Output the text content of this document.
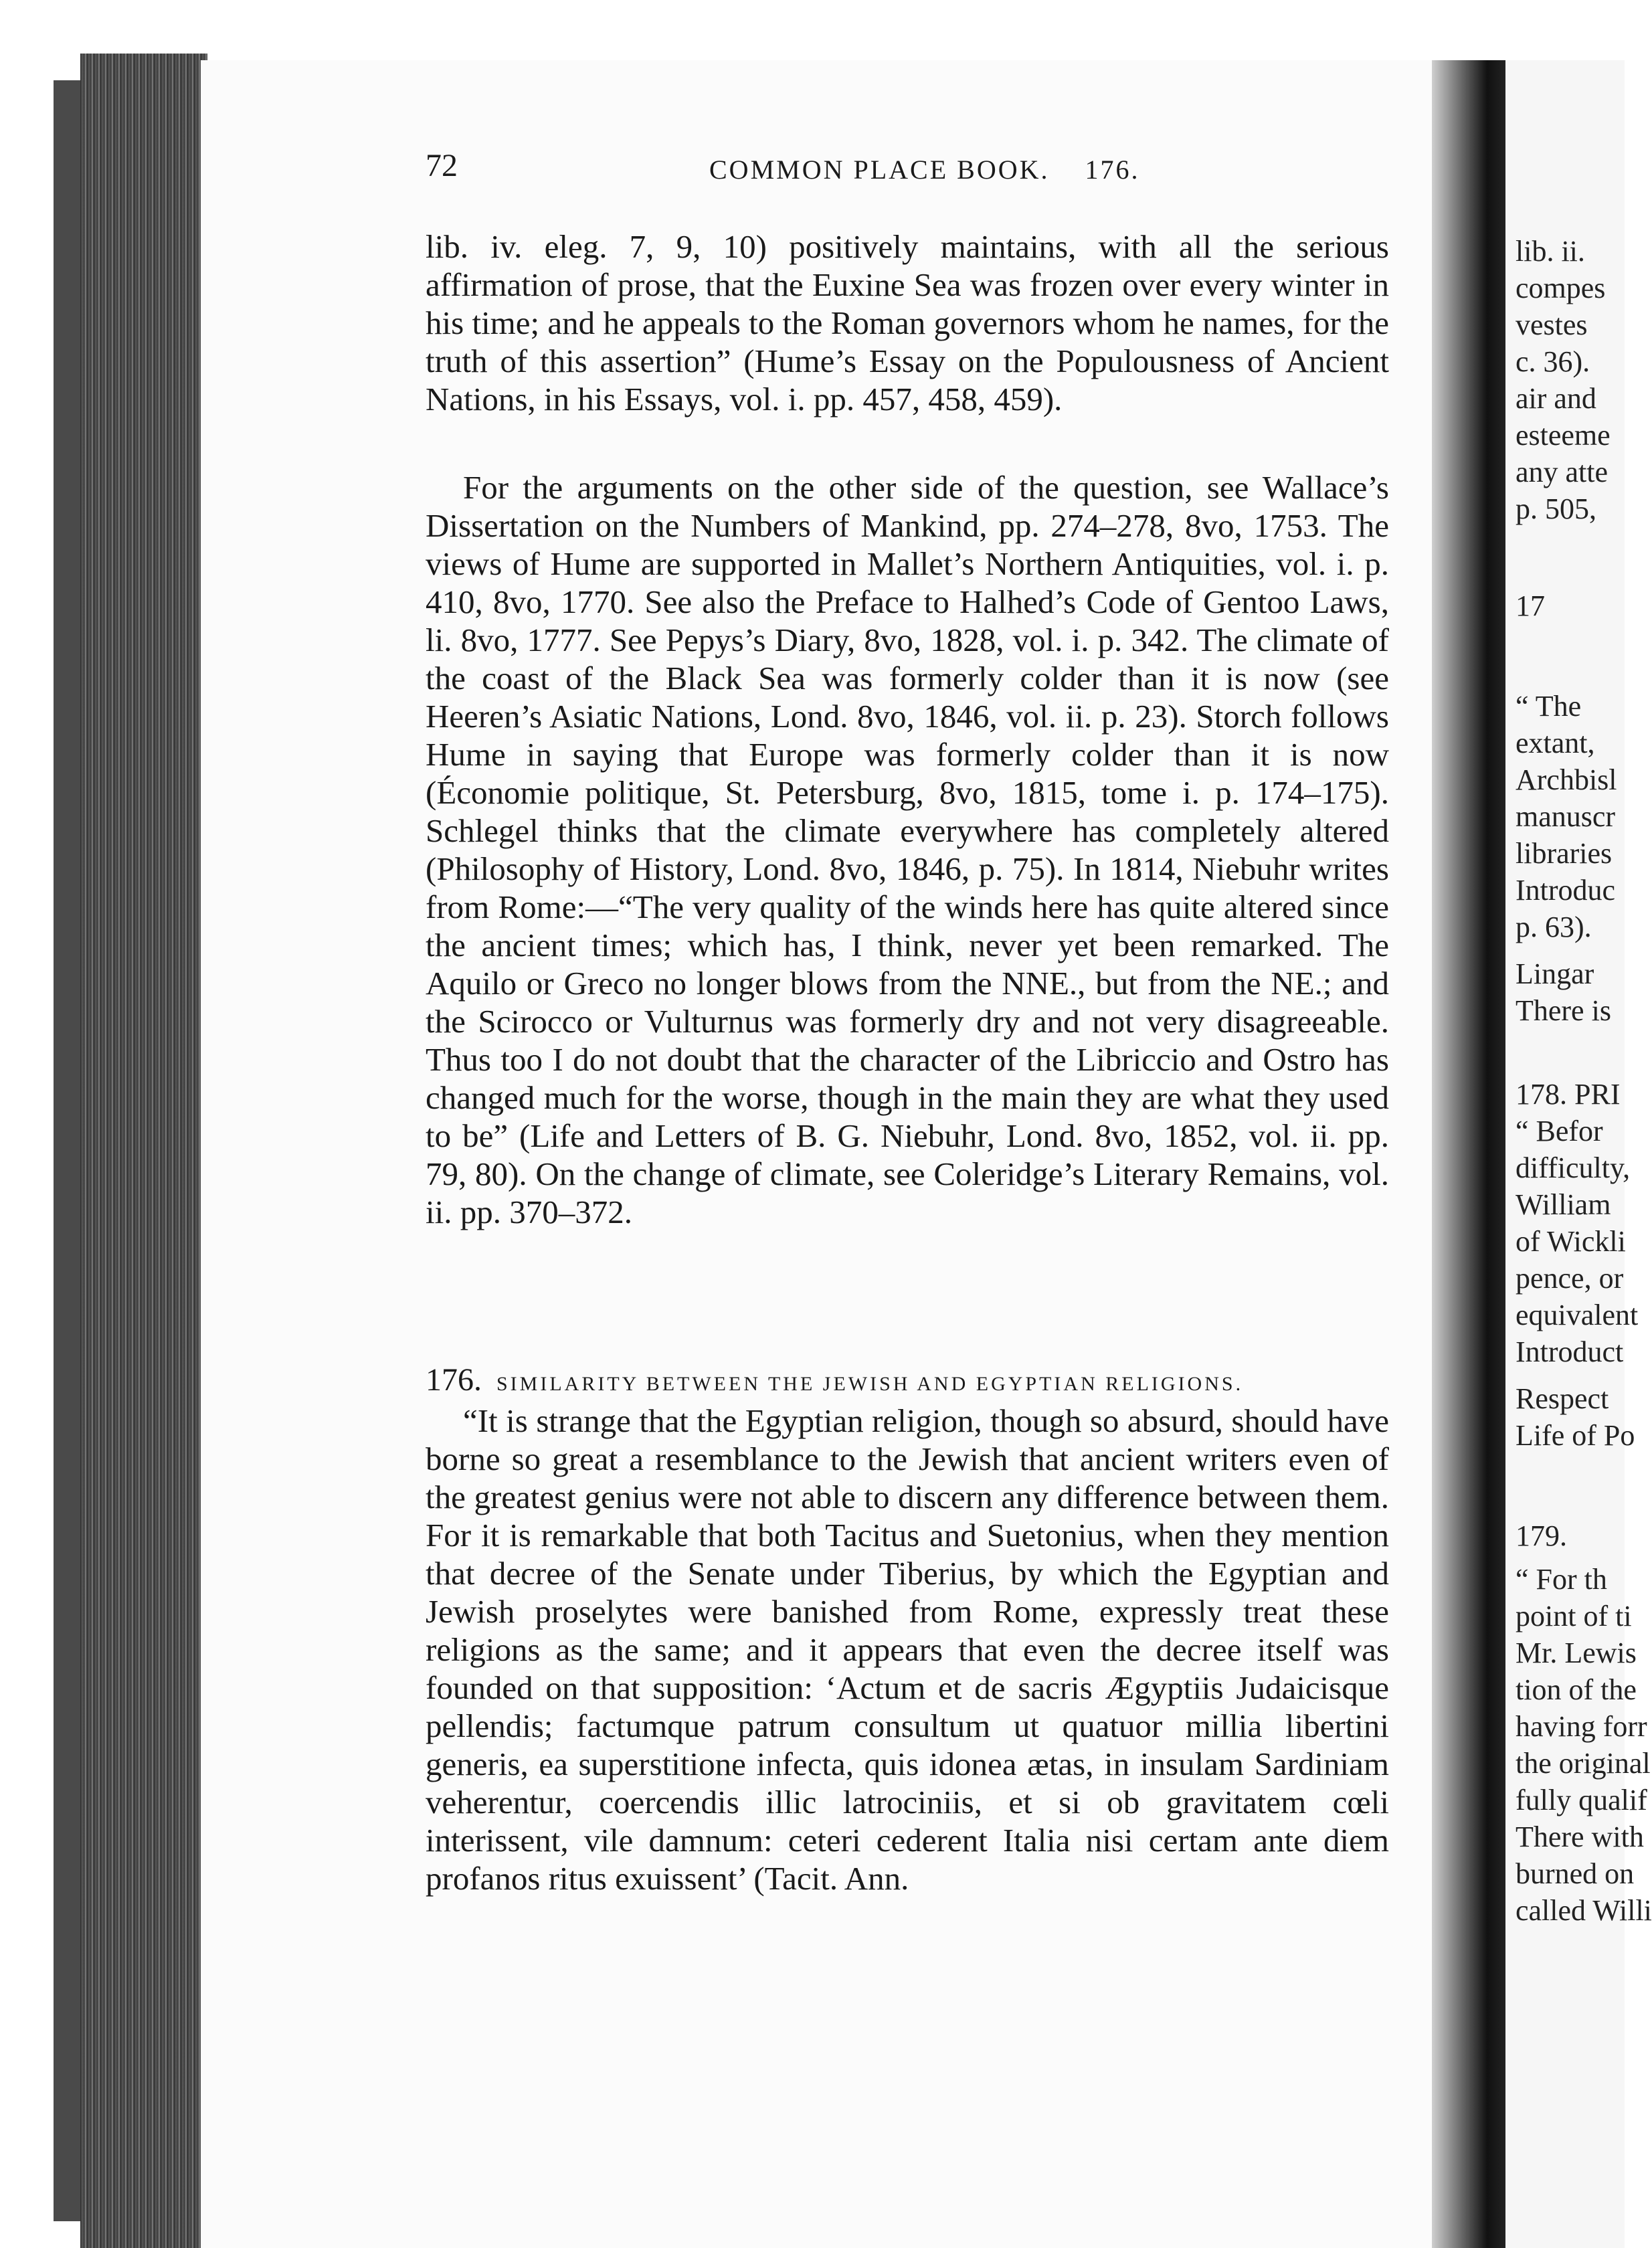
72	COMMON PLACE BOOK. 176.
lib. iv. eleg. 7, 9, 10) positively maintains, with all the serious affirmation of prose, that the Euxine Sea was frozen over every winter in his time; and he appeals to the Roman governors whom he names, for the truth of this assertion” (Hume’s Essay on the Populousness of Ancient Nations, in his Essays, vol. i. pp. 457, 458, 459).
For the arguments on the other side of the question, see Wallace’s Dissertation on the Numbers of Mankind, pp. 274–278, 8vo, 1753. The views of Hume are supported in Mallet’s Northern Antiquities, vol. i. p. 410, 8vo, 1770. See also the Preface to Halhed’s Code of Gentoo Laws, li. 8vo, 1777. See Pepys’s Diary, 8vo, 1828, vol. i. p. 342. The climate of the coast of the Black Sea was formerly colder than it is now (see Heeren’s Asiatic Nations, Lond. 8vo, 1846, vol. ii. p. 23). Storch follows Hume in saying that Europe was formerly colder than it is now (Économie politique, St. Petersburg, 8vo, 1815, tome i. p. 174–175). Schlegel thinks that the climate everywhere has completely altered (Philosophy of History, Lond. 8vo, 1846, p. 75). In 1814, Niebuhr writes from Rome:—“The very quality of the winds here has quite altered since the ancient times; which has, I think, never yet been remarked. The Aquilo or Greco no longer blows from the NNE., but from the NE.; and the Scirocco or Vulturnus was formerly dry and not very disagreeable. Thus too I do not doubt that the character of the Libriccio and Ostro has changed much for the worse, though in the main they are what they used to be” (Life and Letters of B. G. Niebuhr, Lond. 8vo, 1852, vol. ii. pp. 79, 80). On the change of climate, see Coleridge’s Literary Remains, vol. ii. pp. 370–372.
176. SIMILARITY BETWEEN THE JEWISH AND EGYPTIAN RELIGIONS.
“It is strange that the Egyptian religion, though so absurd, should have borne so great a resemblance to the Jewish that ancient writers even of the greatest genius were not able to discern any difference between them. For it is remarkable that both Tacitus and Suetonius, when they mention that decree of the Senate under Tiberius, by which the Egyptian and Jewish proselytes were banished from Rome, expressly treat these religions as the same; and it appears that even the decree itself was founded on that supposition: ‘Actum et de sacris Ægyptiis Judaicisque pellendis; factumque patrum consultum ut quatuor millia libertini generis, ea superstitione infecta, quis idonea ætas, in insulam Sardiniam veherentur, coercendis illic latrociniis, et si ob gravitatem cœli interissent, vile damnum: ceteri cederent Italia nisi certam ante diem profanos ritus exuissent’ (Tacit. Ann.
lib. ii.
compes
vestes
c. 36).
air and
esteeme
any atte
p. 505,
17
“ The
extant,
Archbisl
manuscr
libraries
Introduc
p. 63).
Lingar
There is
178. PRI
“ Befor
difficulty,
William
of Wickli
pence, or
equivalent
Introduct
Respect
Life of Po
179.
“ For th
point of ti
Mr. Lewis
tion of the
having forr
the original
fully qualif
There with
burned on
called Willi
